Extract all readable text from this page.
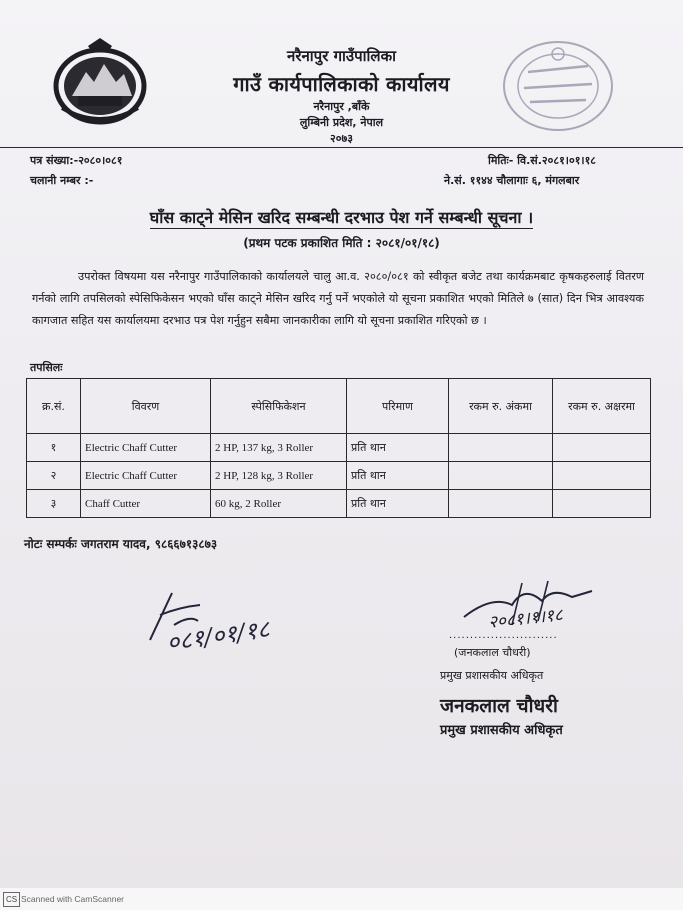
नरैनापुर गाउँपालिका
गाउँ कार्यपालिकाको कार्यालय
नरैनापुर ,बाँके
लुम्बिनी प्रदेश, नेपाल
२०७३
पत्र संख्या:-२०८०।०८१
चलानी नम्बर :-
मितिः- वि.सं.२०८१।०१।१८
ने.सं. ११४४ चौलागाः ६, मंगलबार
घाँस काट्ने मेसिन खरिद सम्बन्धी दरभाउ पेश गर्ने सम्बन्धी सूचना ।
(प्रथम पटक प्रकाशित मिति : २०८१/०१/१८)
उपरोक्त विषयमा यस नरैनापुर गाउँपालिकाको कार्यालयले चालु आ.व. २०८०/०८१ को स्वीकृत बजेट तथा कार्यक्रमबाट कृषकहरुलाई वितरण गर्नको लागि तपसिलको स्पेसिफिकेसन भएको घाँस काट्ने मेसिन खरिद गर्नु पर्ने भएकोले यो सूचना प्रकाशित भएको मितिले ७ (सात) दिन भित्र आवश्यक कागजात सहित यस कार्यालयमा दरभाउ पत्र पेश गर्नुहुन सबैमा जानकारीका लागि यो सूचना प्रकाशित गरिएको छ ।
तपसिलः
क्र.सं.	विवरण	स्पेसिफिकेशन	परिमाण	रकम रु. अंकमा	रकम रु. अक्षरमा
१	Electric Chaff Cutter	2 HP, 137 kg, 3 Roller	प्रति थान		
२	Electric Chaff Cutter	2 HP, 128 kg, 3 Roller	प्रति थान		
३	Chaff Cutter	60 kg, 2 Roller	प्रति थान		
नोटः सम्पर्कः जगतराम यादव, ९८६६७१३८७३
०८१/०१/१८	२०८१।१।१८
..........................
(जनकलाल चौधरी)
प्रमुख प्रशासकीय अधिकृत
जनकलाल चौधरी
प्रमुख प्रशासकीय अधिकृत
CS Scanned with CamScanner
